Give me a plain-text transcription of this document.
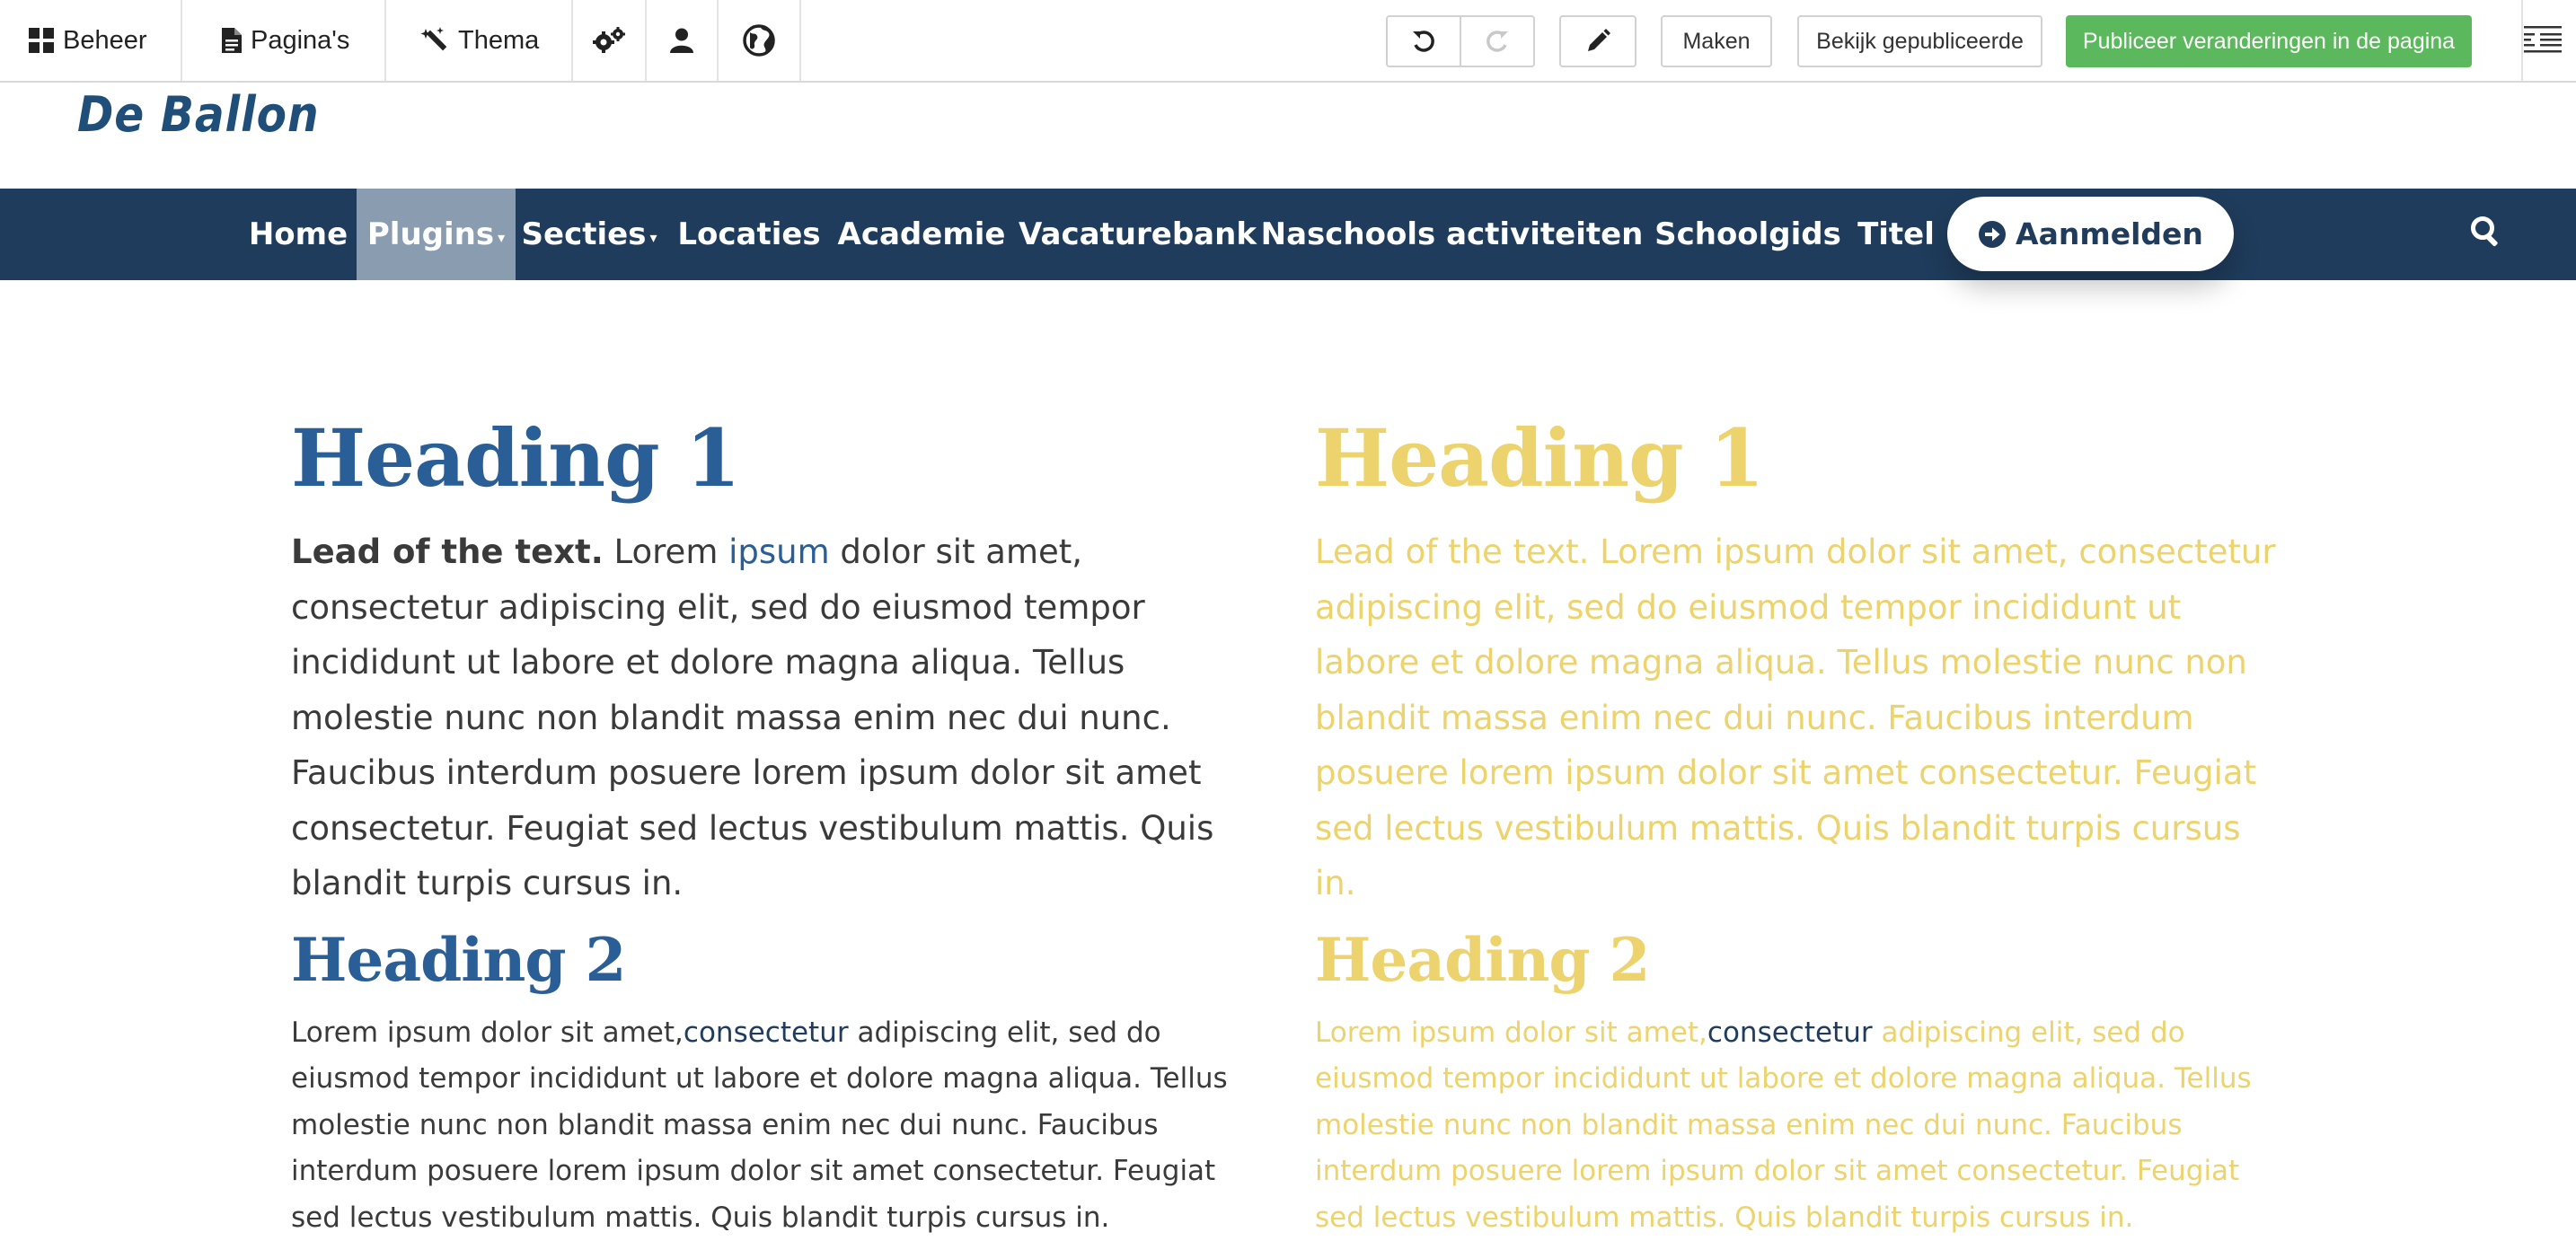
Beheer	Pagina's	Thema	Maken	Bekijk gepubliceerde	Publiceer veranderingen in de pagina
De Ballon
Home Plugins ▾ Secties ▾ Locaties Academie Vacaturebank Naschools activiteiten Schoolgids Titel	Aanmelden
Heading 1

Lead of the text. Lorem ipsum dolor sit amet, consectetur adipiscing elit, sed do eiusmod tempor incididunt ut labore et dolore magna aliqua. Tellus molestie nunc non blandit massa enim nec dui nunc. Faucibus interdum posuere lorem ipsum dolor sit amet consectetur. Feugiat sed lectus vestibulum mattis. Quis blandit turpis cursus in.

Heading 2

Lorem ipsum dolor sit amet,consectetur adipiscing elit, sed do eiusmod tempor incididunt ut labore et dolore magna aliqua. Tellus molestie nunc non blandit massa enim nec dui nunc. Faucibus interdum posuere lorem ipsum dolor sit amet consectetur. Feugiat sed lectus vestibulum mattis. Quis blandit turpis cursus in.

Heading 1

Lead of the text. Lorem ipsum dolor sit amet, consectetur adipiscing elit, sed do eiusmod tempor incididunt ut labore et dolore magna aliqua. Tellus molestie nunc non blandit massa enim nec dui nunc. Faucibus interdum posuere lorem ipsum dolor sit amet consectetur. Feugiat sed lectus vestibulum mattis. Quis blandit turpis cursus in.

Heading 2

Lorem ipsum dolor sit amet,consectetur adipiscing elit, sed do eiusmod tempor incididunt ut labore et dolore magna aliqua. Tellus molestie nunc non blandit massa enim nec dui nunc. Faucibus interdum posuere lorem ipsum dolor sit amet consectetur. Feugiat sed lectus vestibulum mattis. Quis blandit turpis cursus in.
